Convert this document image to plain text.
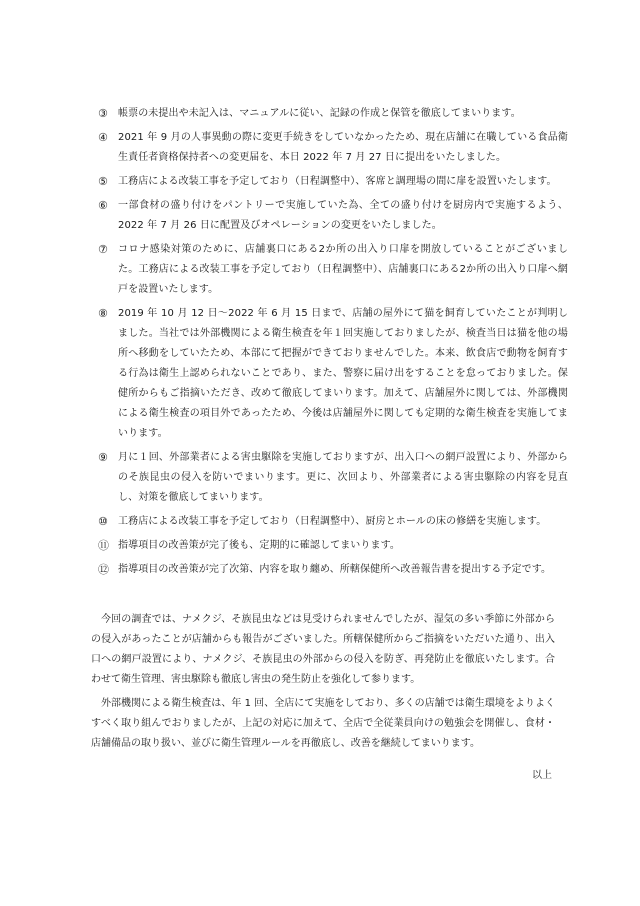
③	帳票の未提出や未記入は、マニュアルに従い、記録の作成と保管を徹底してまいります。
④	2021 年 9 月の人事異動の際に変更手続きをしていなかったため、現在店舗に在職している食品衛生責任者資格保持者への変更届を、本日 2022 年 7 月 27 日に提出をいたしました。
⑤	工務店による改装工事を予定しており（日程調整中）、客席と調理場の間に扉を設置いたします。
⑥	一部食材の盛り付けをパントリーで実施していた為、全ての盛り付けを厨房内で実施するよう、2022 年 7 月 26 日に配置及びオペレーションの変更をいたしました。
⑦	コロナ感染対策のために、店舗裏口にある2か所の出入り口扉を開放していることがございました。工務店による改装工事を予定しており（日程調整中）、店舗裏口にある2か所の出入り口扉へ網戸を設置いたします。
⑧	2019 年 10 月 12 日～2022 年 6 月 15 日まで、店舗の屋外にて猫を飼育していたことが判明しました。当社では外部機関による衛生検査を年１回実施しておりましたが、検査当日は猫を他の場所へ移動をしていたため、本部にて把握ができておりませんでした。本来、飲食店で動物を飼育する行為は衛生上認められないことであり、また、警察に届け出をすることを怠っておりました。保健所からもご指摘いただき、改めて徹底してまいります。加えて、店舗屋外に関しては、外部機関による衛生検査の項目外であったため、今後は店舗屋外に関しても定期的な衛生検査を実施してまいります。
⑨	月に１回、外部業者による害虫駆除を実施しておりますが、出入口への網戸設置により、外部からのそ族昆虫の侵入を防いでまいります。更に、次回より、外部業者による害虫駆除の内容を見直し、対策を徹底してまいります。
⑩	工務店による改装工事を予定しており（日程調整中）、厨房とホールの床の修繕を実施します。
⑪ 指導項目の改善策が完了後も、定期的に確認してまいります。
⑫ 指導項目の改善策が完了次第、内容を取り纏め、所轄保健所へ改善報告書を提出する予定です。

今回の調査では、ナメクジ、そ族昆虫などは見受けられませんでしたが、湿気の多い季節に外部からの侵入があったことが店舗からも報告がございました。所轄保健所からご指摘をいただいた通り、出入口への網戸設置により、ナメクジ、そ族昆虫の外部からの侵入を防ぎ、再発防止を徹底いたします。合わせて衛生管理、害虫駆除も徹底し害虫の発生防止を強化して参ります。

外部機関による衛生検査は、年 1 回、全店にて実施をしており、多くの店舗では衛生環境をよりよくすべく取り組んでおりましたが、上記の対応に加えて、全店で全従業員向けの勉強会を開催し、食材・店舗備品の取り扱い、並びに衛生管理ルールを再徹底し、改善を継続してまいります。

以上
